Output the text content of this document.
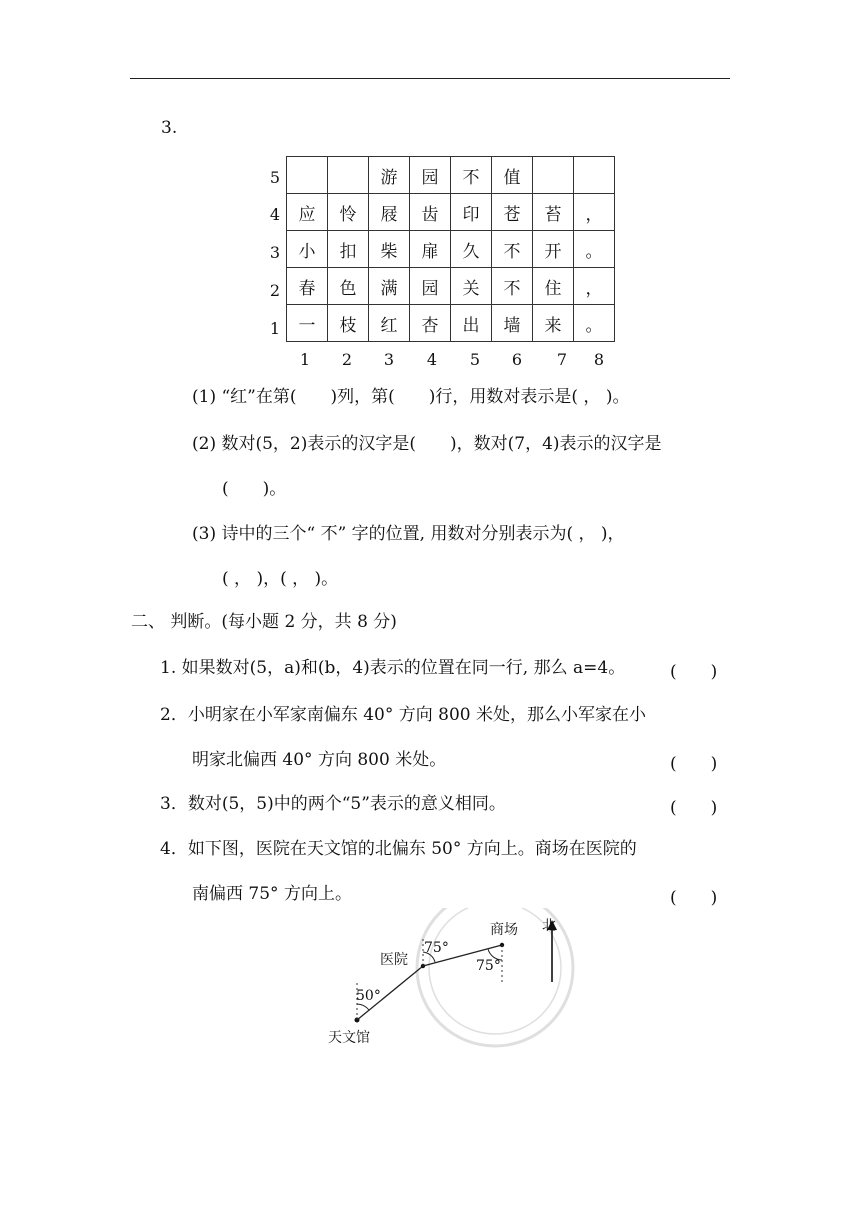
3.
5
4
3
2
1
		游	园	不	值		
应	怜	屐	齿	印	苍	苔	，
小	扣	柴	扉	久	不	开	。
春	色	满	园	关	不	住	，
一	枝	红	杏	出	墙	来	。
1 2 3 4 5 6 7 8
(1) “红”在第(　　)列，第(　　)行，用数对表示是( ， )。
(2) 数对(5，2)表示的汉字是(　　)，数对(7，4)表示的汉字是
(　　)。
(3) 诗中的三个“ 不” 字的位置, 用数对分别表示为( ， )，
( ， )，( ， )。
二、 判断。(每小题 2 分，共 8 分)
1. 如果数对(5，a)和(b，4)表示的位置在同一行, 那么 a=4。	(　　)
2．小明家在小军家南偏东 40° 方向 800 米处，那么小军家在小
明家北偏西 40° 方向 800 米处。	(　　)
3．数对(5，5)中的两个“5”表示的意义相同。	(　　)
4．如下图，医院在天文馆的北偏东 50° 方向上。商场在医院的
南偏西 75° 方向上。	(　　)
天文馆
医院
商场 北
50°
75°
75°
